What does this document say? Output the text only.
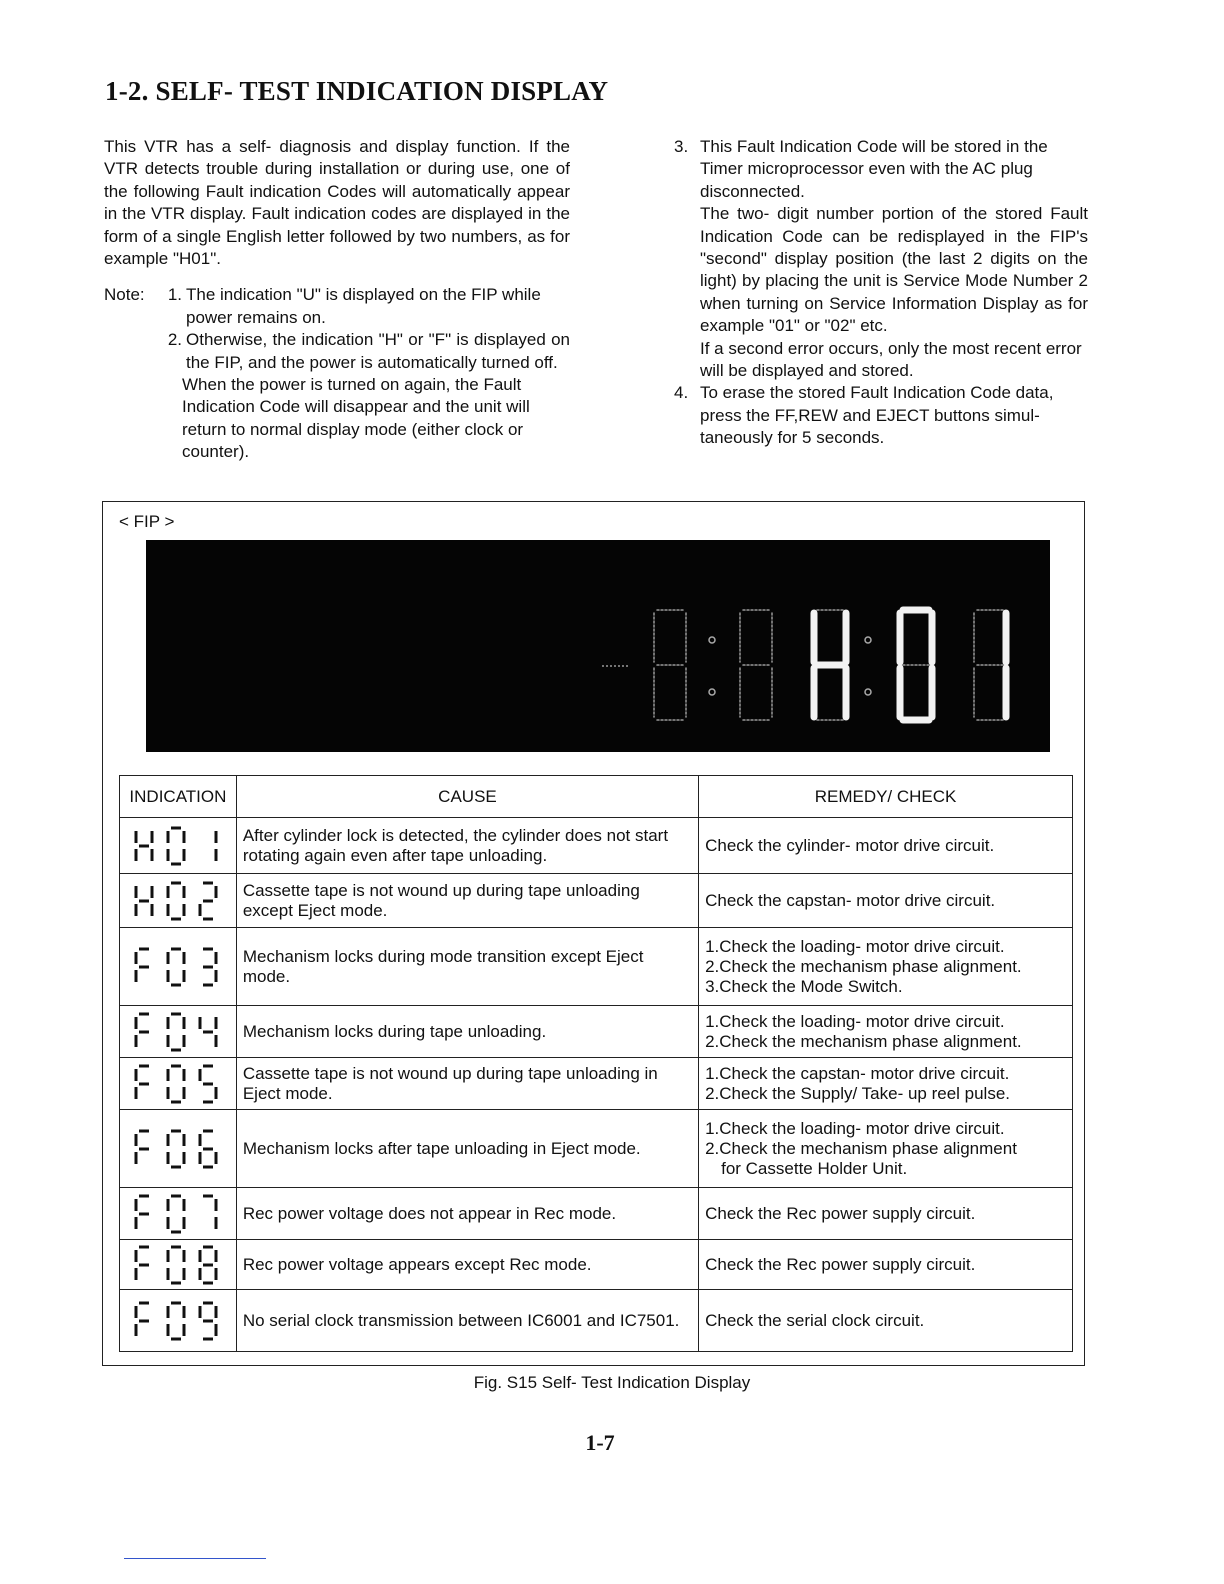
1-2. SELF- TEST INDICATION DISPLAY

This VTR has a self- diagnosis and display function. If the VTR detects trouble during installation or during use, one of the following Fault indication Codes will automatically appear in the VTR display. Fault indication codes are displayed in the form of a single English letter followed by two numbers, as for example "H01".

Note:	1. The indication "U" is displayed on the FIP while power remains on.
2. Otherwise, the indication "H" or "F" is displayed on the FIP, and the power is automatically turned off.
When the power is turned on again, the Fault Indication Code will disappear and the unit will return to normal display mode (either clock or counter).
3. This Fault Indication Code will be stored in the Timer microprocessor even with the AC plug disconnected.

The two- digit number portion of the stored Fault Indication Code can be redisplayed in the FIP's "second" display position (the last 2 digits on the light) by placing the unit is Service Mode Number 2 when turning on Service Information Display as for example "01" or "02" etc.

If a second error occurs, only the most recent error will be displayed and stored.

4. To erase the stored Fault Indication Code data, press the FF,REW and EJECT buttons simul- taneously for 5 seconds.

< FIP >
INDICATION	CAUSE	REMEDY/ CHECK

	After cylinder lock is detected, the cylinder does not start rotating again even after tape unloading.	Check the cylinder- motor drive circuit.

	Cassette tape is not wound up during tape unloading except Eject mode.	Check the capstan- motor drive circuit.

	Mechanism locks during mode transition except Eject mode.	1.Check the loading- motor drive circuit.
2.Check the mechanism phase alignment.
3.Check the Mode Switch.

	Mechanism locks during tape unloading.	1.Check the loading- motor drive circuit.
2.Check the mechanism phase alignment.

	Cassette tape is not wound up during tape unloading in Eject mode.	1.Check the capstan- motor drive circuit.
2.Check the Supply/ Take- up reel pulse.

	Mechanism locks after tape unloading in Eject mode.	1.Check the loading- motor drive circuit.
2.Check the mechanism phase alignment
for Cassette Holder Unit.

	Rec power voltage does not appear in Rec mode.	Check the Rec power supply circuit.

	Rec power voltage appears except Rec mode.	Check the Rec power supply circuit.

	No serial clock transmission between IC6001 and IC7501.	Check the serial clock circuit.
Fig. S15 Self- Test Indication Display
1-7
